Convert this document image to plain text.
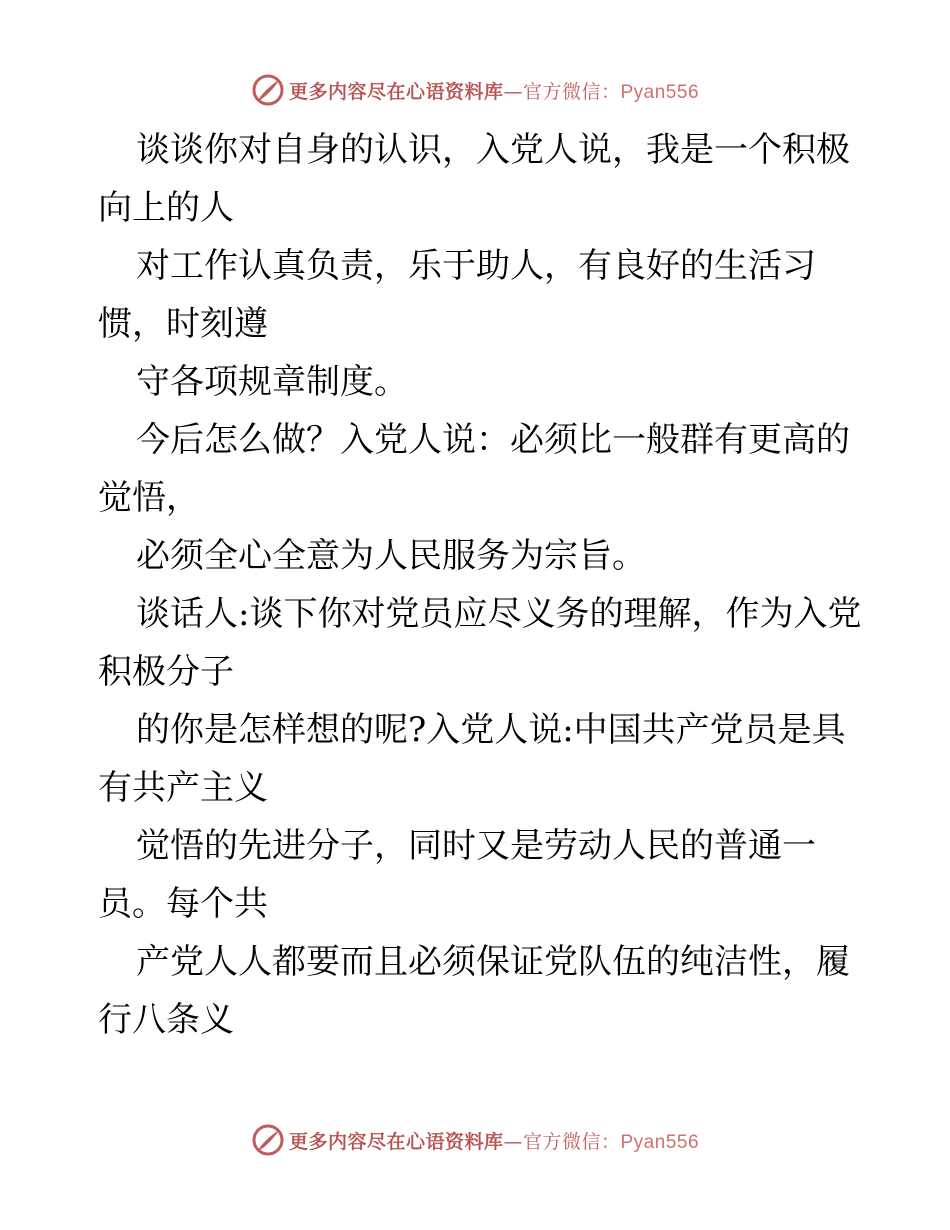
更多内容尽在心语资料库—官方微信：Pyan556

谈谈你对自身的认识，入党人说，我是一个积极向上的人

对工作认真负责，乐于助人，有良好的生活习惯，时刻遵

守各项规章制度。

今后怎么做？入党人说：必须比一般群有更高的觉悟，

必须全心全意为人民服务为宗旨。

谈话人:谈下你对党员应尽义务的理解，作为入党积极分子

的你是怎样想的呢?入党人说:中国共产党员是具有共产主义

觉悟的先进分子，同时又是劳动人民的普通一员。每个共

产党人人都要而且必须保证党队伍的纯洁性，履行八条义

更多内容尽在心语资料库—官方微信：Pyan556
